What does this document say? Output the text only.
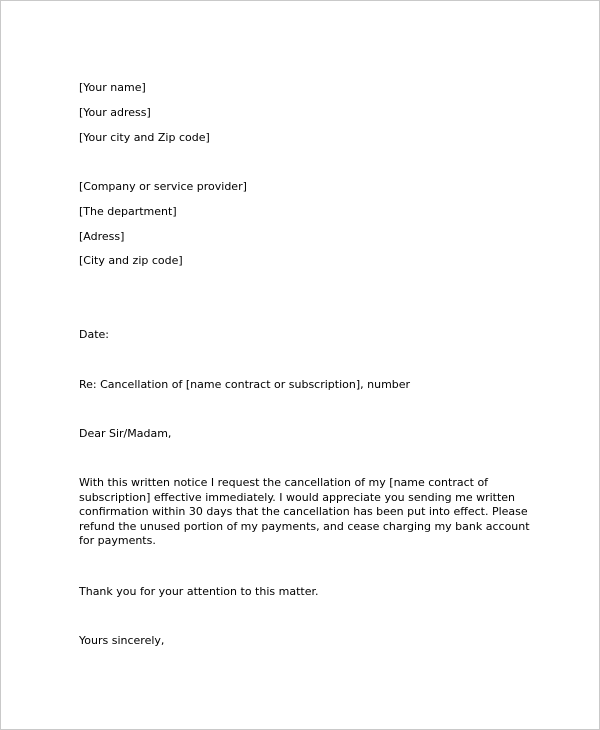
[Your name]
[Your adress]
[Your city and Zip code]
[Company or service provider]
[The department]
[Adress]
[City and zip code]
Date:
Re: Cancellation of [name contract or subscription], number
Dear Sir/Madam,
With this written notice I request the cancellation of my [name contract of
subscription] effective immediately. I would appreciate you sending me written
confirmation within 30 days that the cancellation has been put into effect. Please
refund the unused portion of my payments, and cease charging my bank account
for payments.
Thank you for your attention to this matter.
Yours sincerely,
